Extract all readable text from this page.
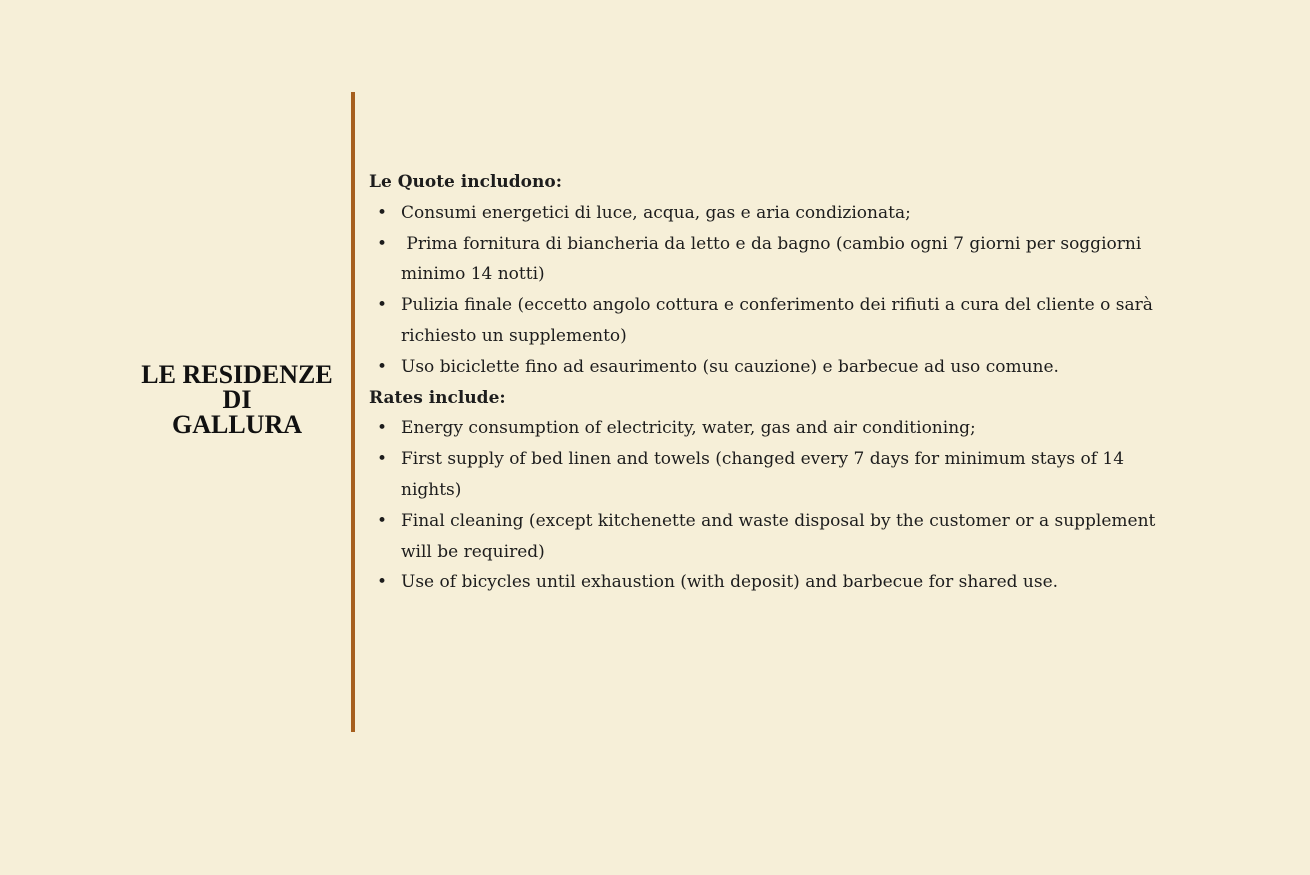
LE RESIDENZE
DI
GALLURA

Le Quote includono:

• Consumi energetici di luce, acqua, gas e aria condizionata;
• Prima fornitura di biancheria da letto e da bagno (cambio ogni 7 giorni per soggiorni minimo 14 notti)
• Pulizia finale (eccetto angolo cottura e conferimento dei rifiuti a cura del cliente o sarà richiesto un supplemento)
• Uso biciclette fino ad esaurimento (su cauzione) e barbecue ad uso comune.

Rates include:

• Energy consumption of electricity, water, gas and air conditioning;
• First supply of bed linen and towels (changed every 7 days for minimum stays of 14 nights)
• Final cleaning (except kitchenette and waste disposal by the customer or a supplement will be required)
• Use of bicycles until exhaustion (with deposit) and barbecue for shared use.
